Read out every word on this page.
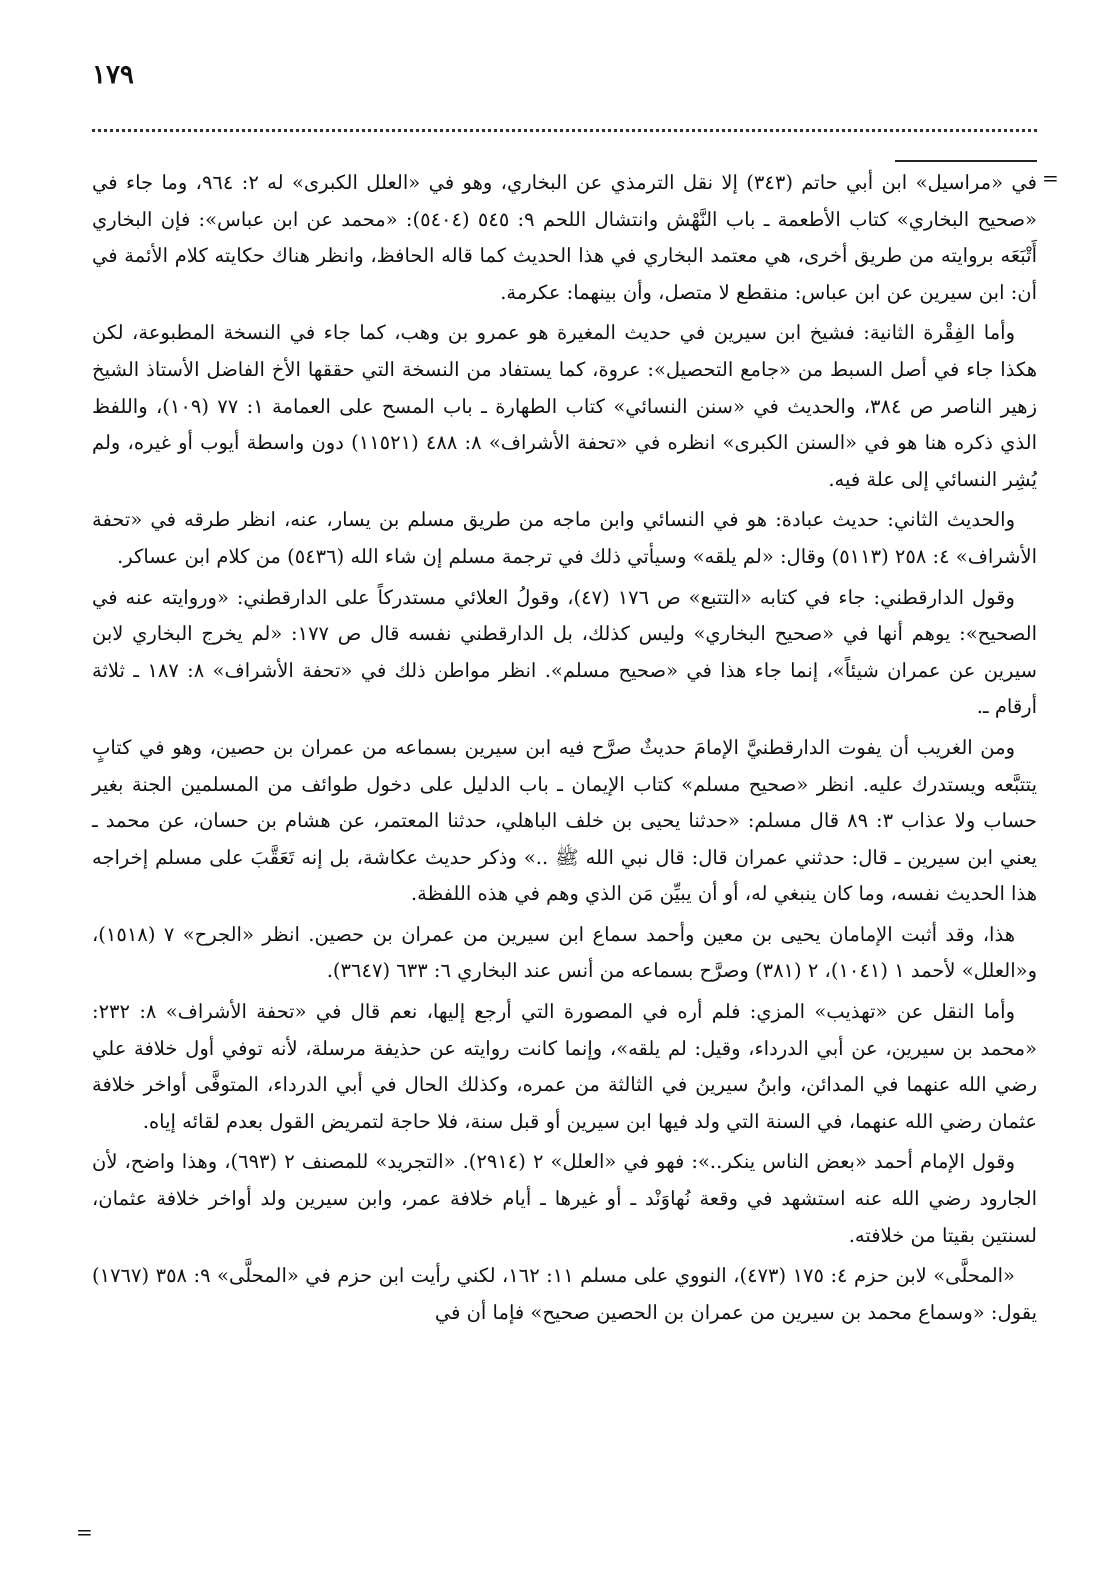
١٧٩
=

في «مراسيل» ابن أبي حاتم (٣٤٣) إلا نقل الترمذي عن البخاري، وهو في «العلل الكبرى» له ٢: ٩٦٤، وما جاء في «صحيح البخاري» كتاب الأطعمة ـ باب النَّهْش وانتشال اللحم ٩: ٥٤٥ (٥٤٠٤): «محمد عن ابن عباس»: فإن البخاري أَتْبَعَه بروايته من طريق أخرى، هي معتمد البخاري في هذا الحديث كما قاله الحافظ، وانظر هناك حكايته كلام الأئمة في أن: ابن سيرين عن ابن عباس: منقطع لا متصل، وأن بينهما: عكرمة.

وأما الفِقْرة الثانية: فشيخ ابن سيرين في حديث المغيرة هو عمرو بن وهب، كما جاء في النسخة المطبوعة، لكن هكذا جاء في أصل السبط من «جامع التحصيل»: عروة، كما يستفاد من النسخة التي حققها الأخ الفاضل الأستاذ الشيخ زهير الناصر ص ٣٨٤، والحديث في «سنن النسائي» كتاب الطهارة ـ باب المسح على العمامة ١: ٧٧ (١٠٩)، واللفظ الذي ذكره هنا هو في «السنن الكبرى» انظره في «تحفة الأشراف» ٨: ٤٨٨ (١١٥٢١) دون واسطة أيوب أو غيره، ولم يُشِر النسائي إلى علة فيه.

والحديث الثاني: حديث عبادة: هو في النسائي وابن ماجه من طريق مسلم بن يسار، عنه، انظر طرقه في «تحفة الأشراف» ٤: ٢٥٨ (٥١١٣) وقال: «لم يلقه» وسيأتي ذلك في ترجمة مسلم إن شاء الله (٥٤٣٦) من كلام ابن عساكر.

وقول الدارقطني: جاء في كتابه «التتبع» ص ١٧٦ (٤٧)، وقولُ العلائي مستدركاً على الدارقطني: «وروايته عنه في الصحيح»: يوهم أنها في «صحيح البخاري» وليس كذلك، بل الدارقطني نفسه قال ص ١٧٧: «لم يخرج البخاري لابن سيرين عن عمران شيئاً»، إنما جاء هذا في «صحيح مسلم». انظر مواطن ذلك في «تحفة الأشراف» ٨: ١٨٧ ـ ثلاثة أرقام ـ.

ومن الغريب أن يفوت الدارقطنيَّ الإمامَ حديثٌ صرَّح فيه ابن سيرين بسماعه من عمران بن حصين، وهو في كتابٍ يتتبَّعه ويستدرك عليه. انظر «صحيح مسلم» كتاب الإيمان ـ باب الدليل على دخول طوائف من المسلمين الجنة بغير حساب ولا عذاب ٣: ٨٩ قال مسلم: «حدثنا يحيى بن خلف الباهلي، حدثنا المعتمر، عن هشام بن حسان، عن محمد ـ يعني ابن سيرين ـ قال: حدثني عمران قال: قال نبي الله ﷺ ..» وذكر حديث عكاشة، بل إنه تَعَقَّبَ على مسلم إخراجه هذا الحديث نفسه، وما كان ينبغي له، أو أن يبيِّن مَن الذي وهم في هذه اللفظة.

هذا، وقد أثبت الإمامان يحيى بن معين وأحمد سماع ابن سيرين من عمران بن حصين. انظر «الجرح» ٧ (١٥١٨)، و«العلل» لأحمد ١ (١٠٤١)، ٢ (٣٨١) وصرَّح بسماعه من أنس عند البخاري ٦: ٦٣٣ (٣٦٤٧).

وأما النقل عن «تهذيب» المزي: فلم أره في المصورة التي أرجع إليها، نعم قال في «تحفة الأشراف» ٨: ٢٣٢: «محمد بن سيرين، عن أبي الدرداء، وقيل: لم يلقه»، وإنما كانت روايته عن حذيفة مرسلة، لأنه توفي أول خلافة علي رضي الله عنهما في المدائن، وابنُ سيرين في الثالثة من عمره، وكذلك الحال في أبي الدرداء، المتوفَّى أواخر خلافة عثمان رضي الله عنهما، في السنة التي ولد فيها ابن سيرين أو قبل سنة، فلا حاجة لتمريض القول بعدم لقائه إياه.

وقول الإمام أحمد «بعض الناس ينكر..»: فهو في «العلل» ٢ (٢٩١٤). «التجريد» للمصنف ٢ (٦٩٣)، وهذا واضح، لأن الجارود رضي الله عنه استشهد في وقعة نُهاوَنْد ـ أو غيرها ـ أيام خلافة عمر، وابن سيرين ولد أواخر خلافة عثمان، لسنتين بقيتا من خلافته.

«المحلَّى» لابن حزم ٤: ١٧٥ (٤٧٣)، النووي على مسلم ١١: ١٦٢، لكني رأيت ابن حزم في «المحلَّى» ٩: ٣٥٨ (١٧٦٧) يقول: «وسماع محمد بن سيرين من عمران بن الحصين صحيح» فإما أن في

=
